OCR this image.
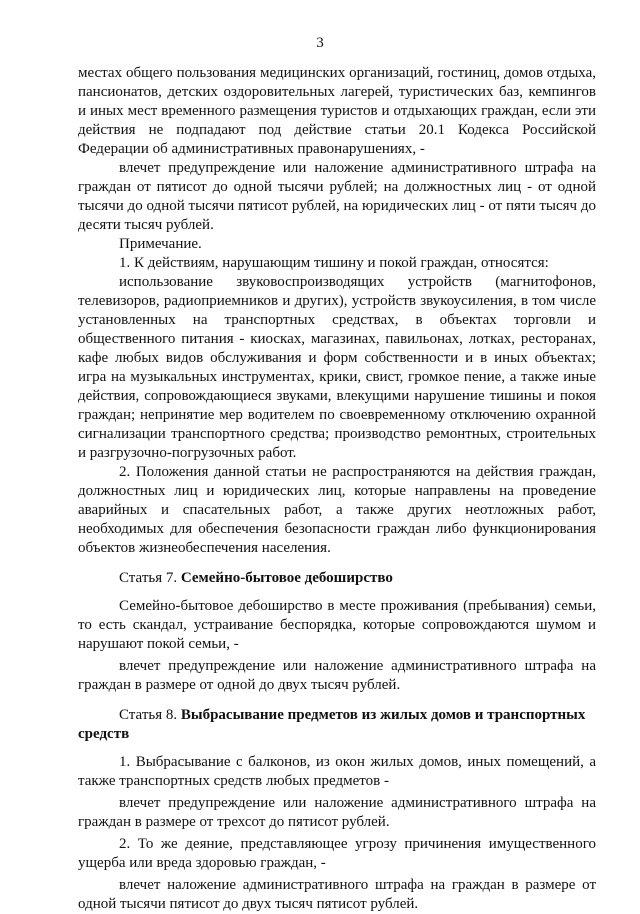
3

местах общего пользования медицинских организаций, гостиниц, домов отдыха, пансионатов, детских оздоровительных лагерей, туристических баз, кемпингов и иных мест временного размещения туристов и отдыхающих граждан, если эти действия не подпадают под действие статьи 20.1 Кодекса Российской Федерации об административных правонарушениях, -

влечет предупреждение или наложение административного штрафа на граждан от пятисот до одной тысячи рублей; на должностных лиц - от одной тысячи до одной тысячи пятисот рублей, на юридических лиц - от пяти тысяч до десяти тысяч рублей.

Примечание.

1. К действиям, нарушающим тишину и покой граждан, относятся:

использование звуковоспроизводящих устройств (магнитофонов, телевизоров, радиоприемников и других), устройств звукоусиления, в том числе установленных на транспортных средствах, в объектах торговли и общественного питания - киосках, магазинах, павильонах, лотках, ресторанах, кафе любых видов обслуживания и форм собственности и в иных объектах; игра на музыкальных инструментах, крики, свист, громкое пение, а также иные действия, сопровождающиеся звуками, влекущими нарушение тишины и покоя граждан; непринятие мер водителем по своевременному отключению охранной сигнализации транспортного средства; производство ремонтных, строительных и разгрузочно-погрузочных работ.

2. Положения данной статьи не распространяются на действия граждан, должностных лиц и юридических лиц, которые направлены на проведение аварийных и спасательных работ, а также других неотложных работ, необходимых для обеспечения безопасности граждан либо функционирования объектов жизнеобеспечения населения.

Статья 7. Семейно-бытовое дебоширство

Семейно-бытовое дебоширство в месте проживания (пребывания) семьи, то есть скандал, устраивание беспорядка, которые сопровождаются шумом и нарушают покой семьи, -

влечет предупреждение или наложение административного штрафа на граждан в размере от одной до двух тысяч рублей.

Статья 8. Выбрасывание предметов из жилых домов и транспортных средств

1. Выбрасывание с балконов, из окон жилых домов, иных помещений, а также транспортных средств любых предметов -

влечет предупреждение или наложение административного штрафа на граждан в размере от трехсот до пятисот рублей.

2. То же деяние, представляющее угрозу причинения имущественного ущерба или вреда здоровью граждан, -

влечет наложение административного штрафа на граждан в размере от одной тысячи пятисот до двух тысяч пятисот рублей.
